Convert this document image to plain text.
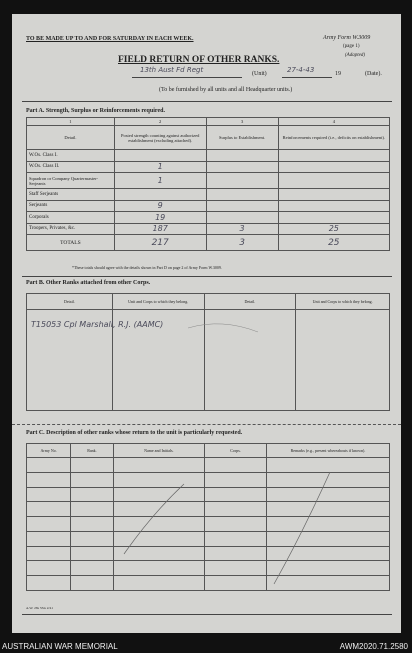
TO BE MADE UP TO AND FOR SATURDAY IN EACH WEEK.	Army Form W.3009
(page 1)
(Adapted)
FIELD RETURN OF OTHER RANKS.
13th Aust Fd Regt	(Unit)	27-4-43	19	(Date).
(To be furnished by all units and all Headquarter units.)
Part A. Strength, Surplus or Reinforcements required.
1	2	3	4
Detail.	Posted strength counting against authorized establishment (excluding attached).	Surplus to Establishment.	Reinforcements required (i.e., deficits on establishment).
W.Os. Class I.			
W.Os. Class II.	1		
Squadron or Company Quartermaster-Serjeants	1		
Staff Serjeants			
Serjeants	9		
Corporals	19		
Troopers, Privates, &c.	187	3	25
TOTALS	217	3	25
*These totals should agree with the details shown in Part D on page 2 of Army Form W.3009.
Part B. Other Ranks attached from other Corps.
Detail.	Unit and Corps to which they belong.	Detail.	Unit and Corps to which they belong.

T15053 Cpl Marshall, R.J. (AAMC)			

Part C. Description of other ranks whose return to the unit is particularly requested.
Army No.	Rank.	Name and Initials.	Corps.	Remarks (e.g., present whereabouts if known).

A.W. 28s 5Sts 2/41
AUSTRALIAN WAR MEMORIAL	AWM2020.71.2580
